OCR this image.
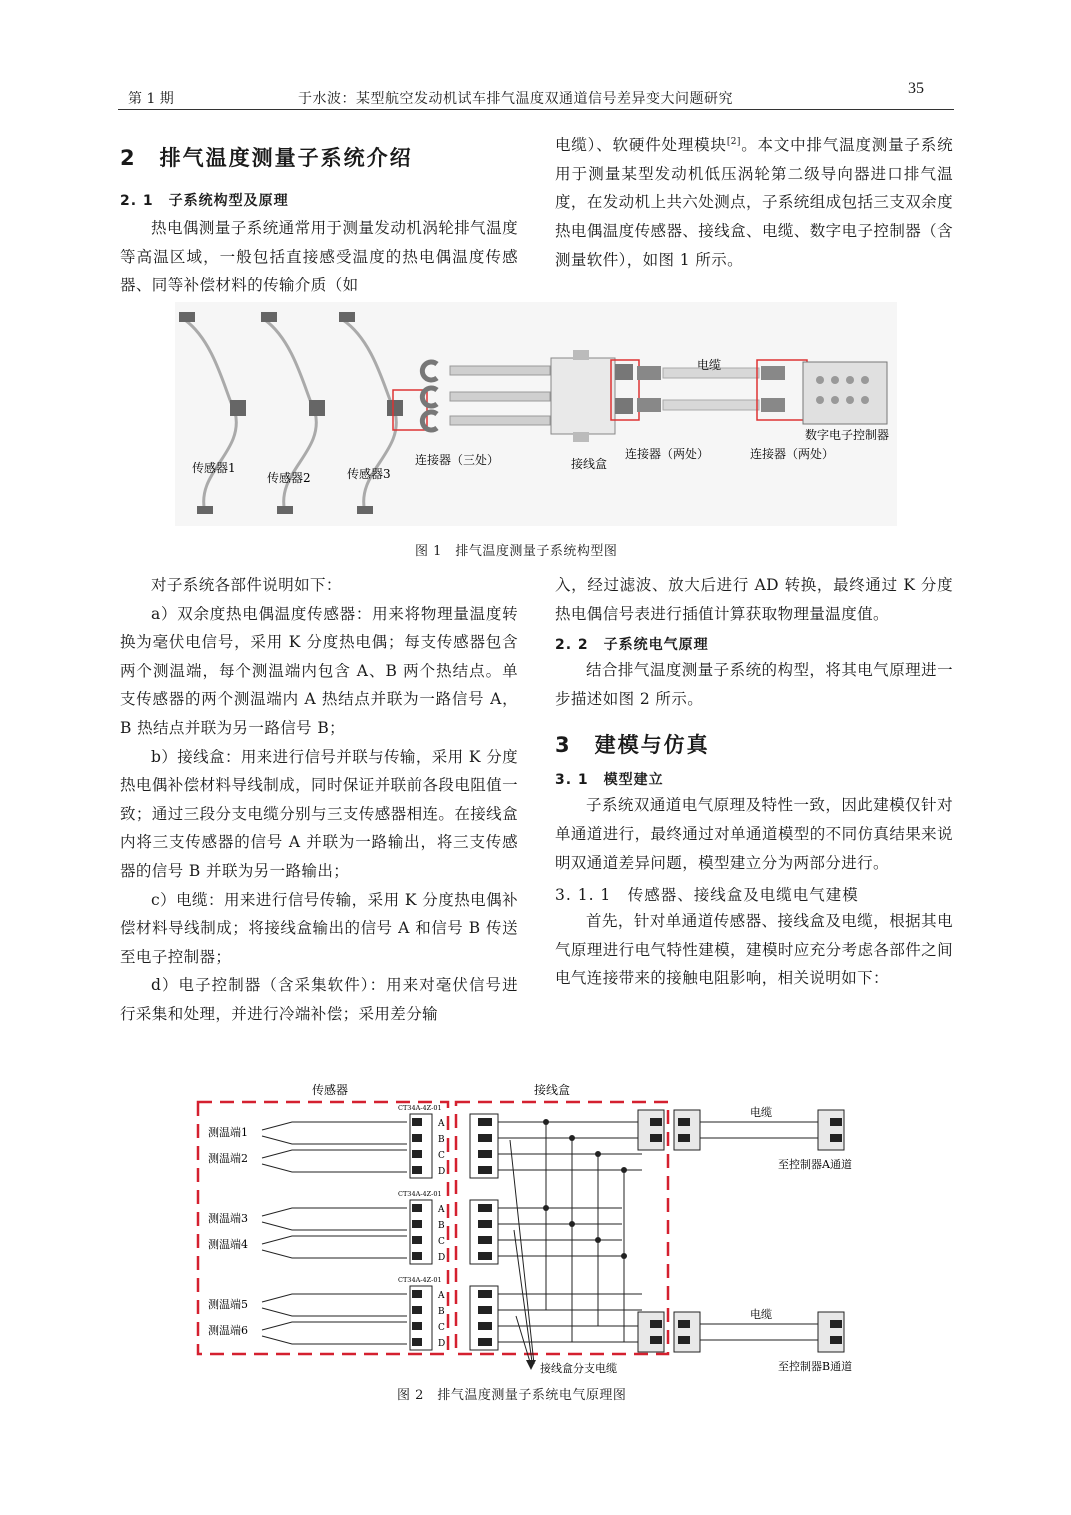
第 1 期	于水波：某型航空发动机试车排气温度双通道信号差异变大问题研究
35
2　排气温度测量子系统介绍
2. 1　子系统构型及原理
热电偶测量子系统通常用于测量发动机涡轮排气温度等高温区域，一般包括直接感受温度的热电偶温度传感器、同等补偿材料的传输介质（如
电缆）、软硬件处理模块[2]。本文中排气温度测量子系统用于测量某型发动机低压涡轮第二级导向器进口排气温度，在发动机上共六处测点，子系统组成包括三支双余度热电偶温度传感器、接线盒、电缆、数字电子控制器（含测量软件），如图 1 所示。
传感器1
传感器2	传感器3
连接器（三处）	接线盒
连接器（两处）	连接器（两处）
电缆
数字电子控制器
图 1　排气温度测量子系统构型图
对子系统各部件说明如下：
a）双余度热电偶温度传感器：用来将物理量温度转换为毫伏电信号，采用 K 分度热电偶；每支传感器包含两个测温端，每个测温端内包含 A、B 两个热结点。单支传感器的两个测温端内 A 热结点并联为一路信号 A，B 热结点并联为另一路信号 B；
b）接线盒：用来进行信号并联与传输，采用 K 分度热电偶补偿材料导线制成，同时保证并联前各段电阻值一致；通过三段分支电缆分别与三支传感器相连。在接线盒内将三支传感器的信号 A 并联为一路输出，将三支传感器的信号 B 并联为另一路输出；
c）电缆：用来进行信号传输，采用 K 分度热电偶补偿材料导线制成；将接线盒输出的信号 A 和信号 B 传送至电子控制器；
d）电子控制器（含采集软件）：用来对毫伏信号进行采集和处理，并进行冷端补偿；采用差分输
入，经过滤波、放大后进行 AD 转换，最终通过 K 分度热电偶信号表进行插值计算获取物理量温度值。
2. 2　子系统电气原理
结合排气温度测量子系统的构型，将其电气原理进一步描述如图 2 所示。
3　建模与仿真
3. 1　模型建立
子系统双通道电气原理及特性一致，因此建模仅针对单通道进行，最终通过对单通道模型的不同仿真结果来说明双通道差异问题，模型建立分为两部分进行。
3. 1. 1　传感器、接线盒及电缆电气建模
首先，针对单通道传感器、接线盒及电缆，根据其电气原理进行电气特性建模，建模时应充分考虑各部件之间电气连接带来的接触电阻影响，相关说明如下：
传感器	接线盒
测温端1
测温端2
CT34A-4Z-01
A
B
C
D
测温端3
测温端4
CT34A-4Z-01
A
B
C
D
测温端5
测温端6
CT34A-4Z-01
A
B
C
D
电缆
电缆
至控制器A通道
至控制器B通道
接线盒分支电缆
图 2　排气温度测量子系统电气原理图
